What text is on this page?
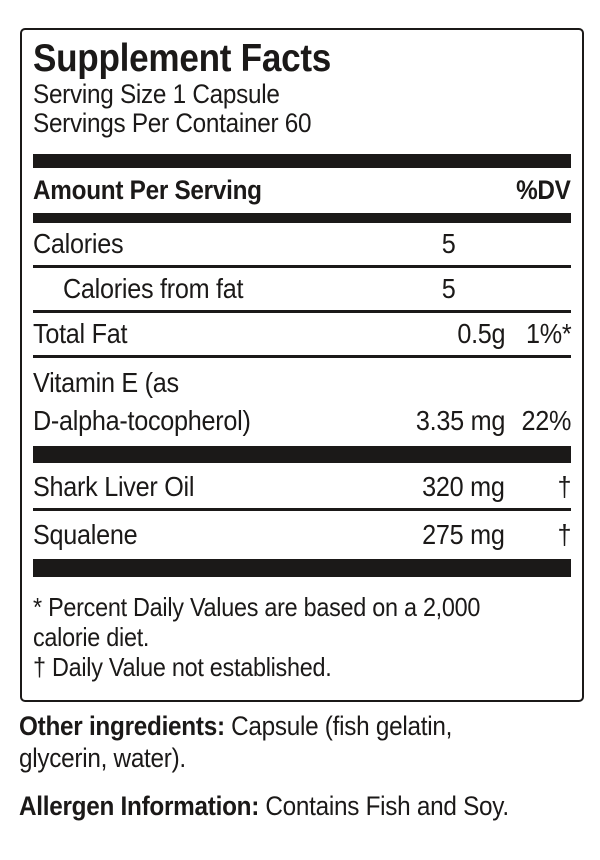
Supplement Facts
Serving Size 1 Capsule
Servings Per Container 60
Amount Per Serving	%DV
Calories	5
Calories from fat	5
Total Fat	0.5g 1%*
Vitamin E (as
D-alpha-tocopherol)	3.35 mg 22%
Shark Liver Oil	320 mg	†
Squalene	275 mg	†
* Percent Daily Values are based on a 2,000
calorie diet.
† Daily Value not established.
Other ingredients: Capsule (fish gelatin,
glycerin, water).
Allergen Information: Contains Fish and Soy.
